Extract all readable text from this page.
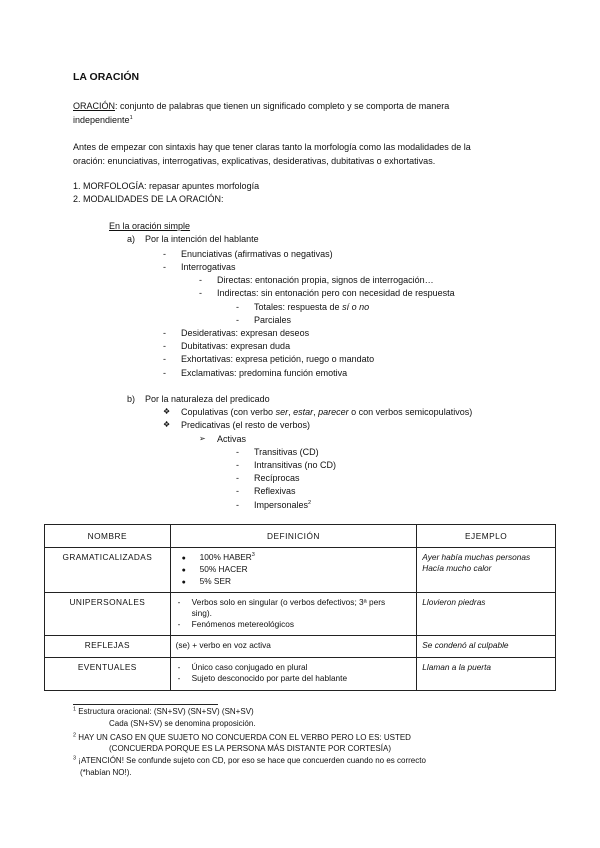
LA ORACIÓN
ORACIÓN: conjunto de palabras que tienen un significado completo y se comporta de manera
independiente$^1$
Antes de empezar con sintaxis hay que tener claras tanto la morfología como las modalidades de la
oración: enunciativas, interrogativas, explicativas, desiderativas, dubitativas o exhortativas.
1. MORFOLOGÍA: repasar apuntes morfología
2. MODALIDADES DE LA ORACIÓN:
En la oración simple
a) Por la intención del hablante
- Enunciativas (afirmativas o negativas)
- Interrogativas
- Directas: entonación propia, signos de interrogación…
- Indirectas: sin entonación pero con necesidad de respuesta
- Totales: respuesta de sí o no
- Parciales
- Desiderativas: expresan deseos
- Dubitativas: expresan duda
- Exhortativas: expresa petición, ruego o mandato
- Exclamativas: predomina función emotiva
b) Por la naturaleza del predicado
❖ Copulativas (con verbo ser, estar, parecer o con verbos semicopulativos)
❖ Predicativas (el resto de verbos)
➢ Activas
- Transitivas (CD)
- Intransitivas (no CD)
- Recíprocas
- Reflexivas
- Impersonales$^2$
NOMBRE	DEFINICIÓN	EJEMPLO
GRAMATICALIZADAS	● 100% HABER$^3$
● 50% HACER
● 5% SER	Ayer había muchas personas
Hacía mucho calor

UNIPERSONALES	- Verbos solo en singular (o verbos defectivos; 3ª pers
sing).
- Fenómenos metereológicos	Llovieron piedras

REFLEJAS	(se) + verbo en voz activa	Se condenó al culpable

EVENTUALES	- Único caso conjugado en plural
- Sujeto desconocido por parte del hablante	Llaman a la puerta
$^1$ Estructura oracional: (SN+SV) (SN+SV) (SN+SV)
Cada (SN+SV) se denomina proposición.
$^2$ HAY UN CASO EN QUE SUJETO NO CONCUERDA CON EL VERBO PERO LO ES: USTED
(CONCUERDA PORQUE ES LA PERSONA MÁS DISTANTE POR CORTESÍA)
$^3$ ¡ATENCIÓN! Se confunde sujeto con CD, por eso se hace que concuerden cuando no es correcto
(*habían NO!).
